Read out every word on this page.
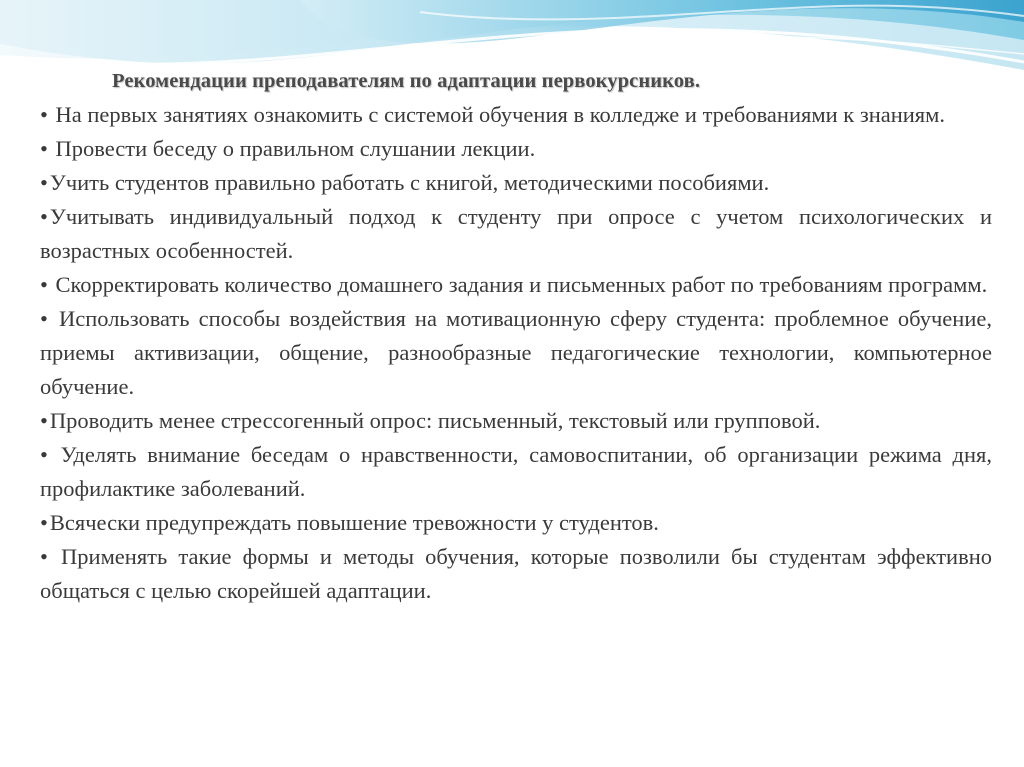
Рекомендации преподавателям по адаптации первокурсников.
• На первых занятиях ознакомить с системой обучения в колледже и требованиями к знаниям.
• Провести беседу о правильном слушании лекции.
•Учить студентов правильно работать с книгой, методическими пособиями.
•Учитывать индивидуальный подход к студенту при опросе с учетом психологических и возрастных особенностей.
• Скорректировать количество домашнего задания и письменных работ по требованиям программ.
• Использовать способы воздействия на мотивационную сферу студента: проблемное обучение, приемы активизации, общение, разнообразные педагогические технологии, компьютерное обучение.
•Проводить менее стрессогенный опрос: письменный, текстовый или групповой.
• Уделять внимание беседам о нравственности, самовоспитании, об организации режима дня, профилактике заболеваний.
•Всячески предупреждать повышение тревожности у студентов.
• Применять такие формы и методы обучения, которые позволили бы студентам эффективно общаться с целью скорейшей адаптации.
